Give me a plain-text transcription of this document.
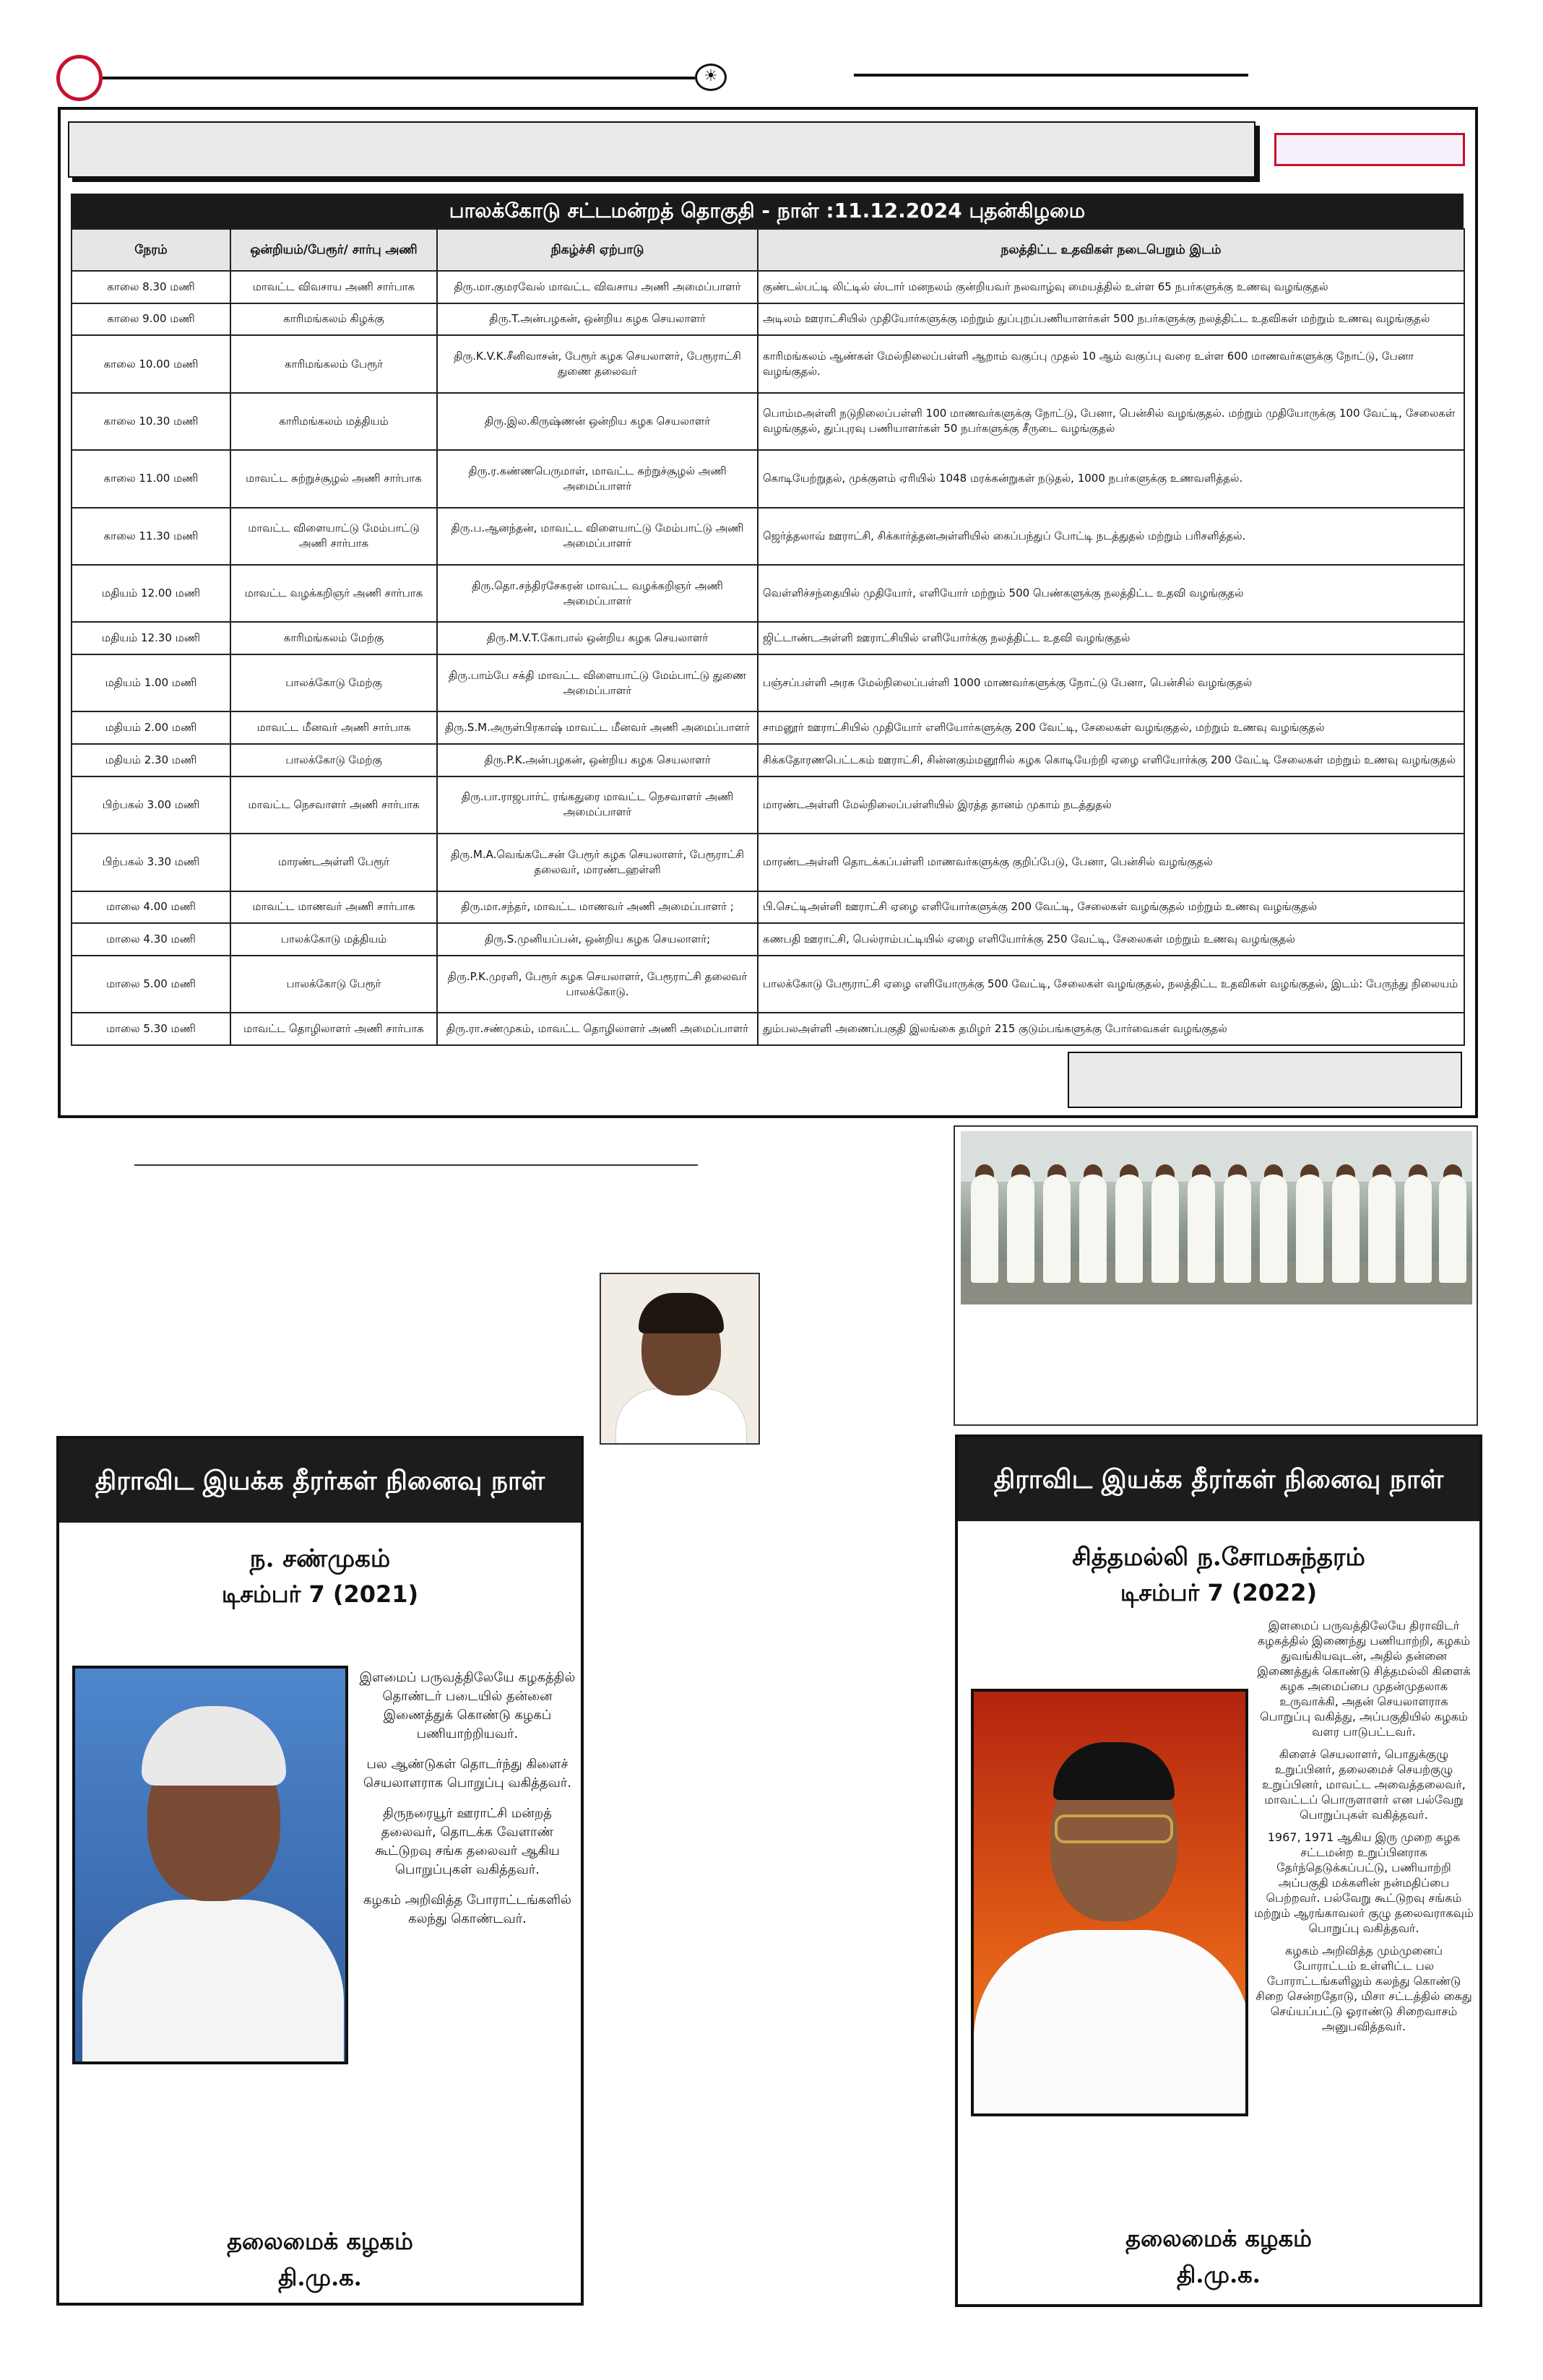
☀
பாலக்கோடு சட்டமன்றத் தொகுதி - நாள் :11.12.2024 புதன்கிழமை
நேரம்	ஒன்றியம்/பேரூர்/ சார்பு அணி	நிகழ்ச்சி ஏற்பாடு	நலத்திட்ட உதவிகள் நடைபெறும் இடம்
காலை 8.30 மணி	மாவட்ட விவசாய அணி சார்பாக	திரு.மா.குமரவேல் மாவட்ட விவசாய அணி அமைப்பாளர்	குண்டல்பட்டி லிட்டில் ஸ்டார் மனநலம் குன்றியவர் நலவாழ்வு மையத்தில் உள்ள 65 நபர்களுக்கு உணவு வழங்குதல்
காலை 9.00 மணி	காரிமங்கலம் கிழக்கு	திரு.T.அன்பழகன், ஒன்றிய கழக செயலாளர்	அடிலம் ஊராட்சியில் முதியோர்களுக்கு மற்றும் துப்புறப்பணியாளர்கள் 500 நபர்களுக்கு நலத்திட்ட உதவிகள் மற்றும் உணவு வழங்குதல்
காலை 10.00 மணி	காரிமங்கலம் பேரூர்	திரு.K.V.K.சீனிவாசன், பேரூர் கழக செயலாளர், பேரூராட்சி துணை தலைவர்	காரிமங்கலம் ஆண்கள் மேல்நிலைப்பள்ளி ஆறாம் வகுப்பு முதல் 10 ஆம் வகுப்பு வரை உள்ள 600 மாணவர்களுக்கு நோட்டு, பேனா வழங்குதல்.
காலை 10.30 மணி	காரிமங்கலம் மத்தியம்	திரு.இல.கிருஷ்ணன் ஒன்றிய கழக செயலாளர்	பொம்மஅள்ளி நடுநிலைப்பள்ளி 100 மாணவர்களுக்கு நோட்டு, பேனா, பென்சில் வழங்குதல். மற்றும் முதியோருக்கு 100 வேட்டி, சேலைகள் வழங்குதல், துப்புரவு பணியாளர்கள் 50 நபர்களுக்கு சீருடை வழங்குதல்
காலை 11.00 மணி	மாவட்ட சுற்றுச்சூழல் அணி சார்பாக	திரு.ர.கண்ணபெருமாள், மாவட்ட சுற்றுச்சூழல் அணி அமைப்பாளர்	கொடியேற்றுதல், முக்குளம் ஏரியில் 1048 மரக்கன்றுகள் நடுதல், 1000 நபர்களுக்கு உணவளித்தல்.
காலை 11.30 மணி	மாவட்ட விளையாட்டு மேம்பாட்டு அணி சார்பாக	திரு.ப.ஆனந்தன், மாவட்ட விளையாட்டு மேம்பாட்டு அணி அமைப்பாளர்	ஜெர்த்தலாவ் ஊராட்சி, சிக்கார்த்தனஅள்ளியில் கைப்பந்துப் போட்டி நடத்துதல் மற்றும் பரிசளித்தல்.
மதியம் 12.00 மணி	மாவட்ட வழக்கறிஞர் அணி சார்பாக	திரு.தொ.சந்திரசேகரன் மாவட்ட வழக்கறிஞர் அணி அமைப்பாளர்	வெள்ளிச்சந்தையில் முதியோர், எளியோர் மற்றும் 500 பெண்களுக்கு நலத்திட்ட உதவி வழங்குதல்
மதியம் 12.30 மணி	காரிமங்கலம் மேற்கு	திரு.M.V.T.கோபால் ஒன்றிய கழக செயலாளர்	ஜிட்டாண்டஅள்ளி ஊராட்சியில் எளியோர்க்கு நலத்திட்ட உதவி வழங்குதல்
மதியம் 1.00 மணி	பாலக்கோடு மேற்கு	திரு.பாம்பே சக்தி மாவட்ட விளையாட்டு மேம்பாட்டு துணை அமைப்பாளர்	பஞ்சப்பள்ளி அரசு மேல்நிலைப்பள்ளி 1000 மாணவர்களுக்கு நோட்டு பேனா, பென்சில் வழங்குதல்
மதியம் 2.00 மணி	மாவட்ட மீனவர் அணி சார்பாக	திரு.S.M.அருள்பிரகாஷ் மாவட்ட மீனவர் அணி அமைப்பாளர்	சாமனூர் ஊராட்சியில் முதியோர் எளியோர்களுக்கு 200 வேட்டி, சேலைகள் வழங்குதல், மற்றும் உணவு வழங்குதல்
மதியம் 2.30 மணி	பாலக்கோடு மேற்கு	திரு.P.K.அன்பழகன், ஒன்றிய கழக செயலாளர்	சிக்கதோரணபெட்டகம் ஊராட்சி, சின்னகும்மனூரில் கழக கொடியேற்றி ஏழை எளியோர்க்கு 200 வேட்டி சேலைகள் மற்றும் உணவு வழங்குதல்
பிற்பகல் 3.00 மணி	மாவட்ட நெசவாளர் அணி சார்பாக	திரு.பா.ராஜபார்ட் ரங்கதுரை மாவட்ட நெசவாளர் அணி அமைப்பாளர்	மாரண்டஅள்ளி மேல்நிலைப்பள்ளியில் இரத்த தானம் முகாம் நடத்துதல்
பிற்பகல் 3.30 மணி	மாரண்டஅள்ளி பேரூர்	திரு.M.A.வெங்கடேசன் பேரூர் கழக செயலாளர், பேரூராட்சி தலைவர், மாரண்டஹள்ளி	மாரண்டஅள்ளி தொடக்கப்பள்ளி மாணவர்களுக்கு குறிப்பேடு, பேனா, பென்சில் வழங்குதல்
மாலை 4.00 மணி	மாவட்ட மாணவர் அணி சார்பாக	திரு.மா.சந்தர், மாவட்ட மாணவர் அணி அமைப்பாளர் ;	பி.செட்டிஅள்ளி ஊராட்சி ஏழை எளியோர்களுக்கு 200 வேட்டி, சேலைகள் வழங்குதல் மற்றும் உணவு வழங்குதல்
மாலை 4.30 மணி	பாலக்கோடு மத்தியம்	திரு.S.முனியப்பன், ஒன்றிய கழக செயலாளர்;	கணபதி ஊராட்சி, பெல்ராம்பட்டியில் ஏழை எளியோர்க்கு 250 வேட்டி, சேலைகள் மற்றும் உணவு வழங்குதல்
மாலை 5.00 மணி	பாலக்கோடு பேரூர்	திரு.P.K.முரளி, பேரூர் கழக செயலாளர், பேரூராட்சி தலைவர் பாலக்கோடு.	பாலக்கோடு பேரூராட்சி ஏழை எளியோருக்கு 500 வேட்டி, சேலைகள் வழங்குதல், நலத்திட்ட உதவிகள் வழங்குதல், இடம்: பேருந்து நிலையம்
மாலை 5.30 மணி	மாவட்ட தொழிலாளர் அணி சார்பாக	திரு.ரா.சண்முகம், மாவட்ட தொழிலாளர் அணி அமைப்பாளர்	தும்பலஅள்ளி அணைப்பகுதி இலங்கை தமிழர் 215 குடும்பங்களுக்கு போர்வைகள் வழங்குதல்
திராவிட இயக்க தீரர்கள் நினைவு நாள்
ந. சண்முகம்
டிசம்பர் 7 (2021)

இளமைப் பருவத்திலேயே கழகத்தில் தொண்டர் படையில் தன்னை இணைத்துக் கொண்டு கழகப் பணியாற்றியவர்.

பல ஆண்டுகள் தொடர்ந்து கிளைச் செயலாளராக பொறுப்பு வகித்தவர்.

திருநரையூர் ஊராட்சி மன்றத் தலைவர், தொடக்க வேளாண் கூட்டுறவு சங்க தலைவர் ஆகிய பொறுப்புகள் வகித்தவர்.

கழகம் அறிவித்த போராட்டங்களில் கலந்து கொண்டவர்.

தலைமைக் கழகம்
தி.மு.க.
திராவிட இயக்க தீரர்கள் நினைவு நாள்
சித்தமல்லி ந.சோமசுந்தரம்
டிசம்பர் 7 (2022)

இளமைப் பருவத்திலேயே திராவிடர் கழகத்தில் இணைந்து பணியாற்றி, கழகம் துவங்கியவுடன், அதில் தன்னை இணைத்துக் கொண்டு சித்தமல்லி கிளைக் கழக அமைப்பை முதன்முதலாக உருவாக்கி, அதன் செயலாளராக பொறுப்பு வகித்து, அப்பகுதியில் கழகம் வளர பாடுபட்டவர்.

கிளைச் செயலாளர், பொதுக்குழு உறுப்பினர், தலைமைச் செயற்குழு உறுப்பினர், மாவட்ட அவைத்தலைவர், மாவட்டப் பொருளாளர் என பல்வேறு பொறுப்புகள் வகித்தவர்.

1967, 1971 ஆகிய இரு முறை கழக சட்டமன்ற உறுப்பினராக தேர்ந்தெடுக்கப்பட்டு, பணியாற்றி அப்பகுதி மக்களின் நன்மதிப்பை பெற்றவர். பல்வேறு கூட்டுறவு சங்கம் மற்றும் ஆரங்காவலர் குழு தலைவராகவும் பொறுப்பு வகித்தவர்.

கழகம் அறிவித்த மும்முனைப் போராட்டம் உள்ளிட்ட பல போராட்டங்களிலும் கலந்து கொண்டு சிறை சென்றதோடு, மிசா சட்டத்தில் கைது செய்யப்பட்டு ஓராண்டு சிறைவாசம் அனுபவித்தவர்.

தலைமைக் கழகம்
தி.மு.க.
